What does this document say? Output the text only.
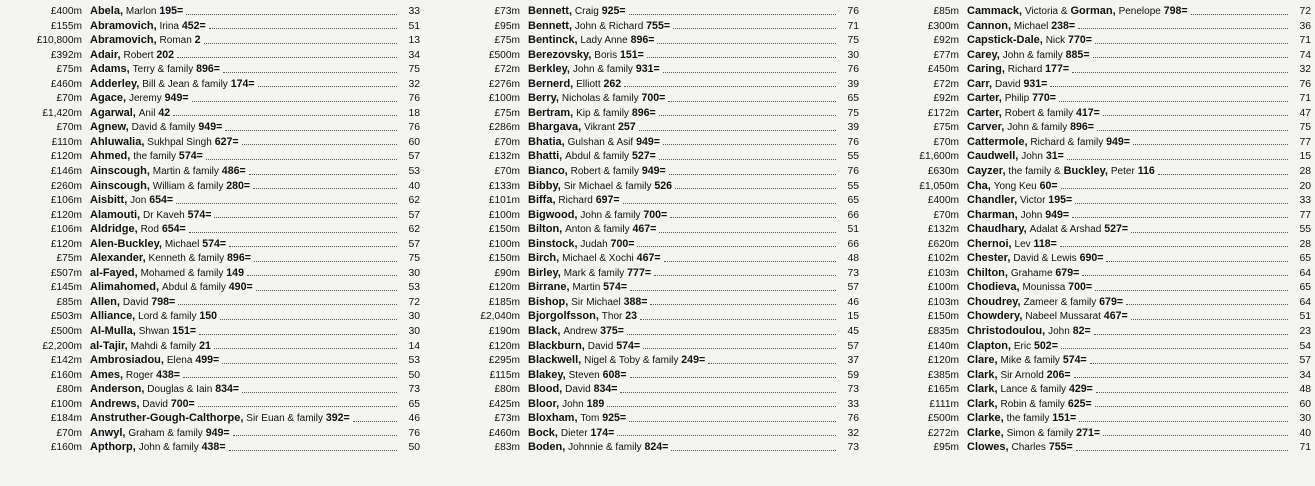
£400m Abela, Marlon 195=	33
£155m Abramovich, Irina 452=	51
£10,800m Abramovich, Roman 2	13
£392m Adair, Robert 202	34
£75m Adams, Terry & family 896=	75
£460m Adderley, Bill & Jean & family 174=	32
£70m Agace, Jeremy 949=	76
£1,420m Agarwal, Anil 42	18
£70m Agnew, David & family 949=	76
£110m Ahluwalia, Sukhpal Singh 627=	60
£120m Ahmed, the family 574=	57
£146m Ainscough, Martin & family 486=	53
£260m Ainscough, William & family 280=	40
£106m Aisbitt, Jon 654=	62
£120m Alamouti, Dr Kaveh 574=	57
£106m Aldridge, Rod 654=	62
£120m Alen-Buckley, Michael 574=	57
£75m Alexander, Kenneth & family 896=	75
£507m al-Fayed, Mohamed & family 149	30
£145m Alimahomed, Abdul & family 490=	53
£85m Allen, David 798=	72
£503m Alliance, Lord & family 150	30
£500m Al-Mulla, Shwan 151=	30
£2,200m al-Tajir, Mahdi & family 21	14
£142m Ambrosiadou, Elena 499=	53
£160m Ames, Roger 438=	50
£80m Anderson, Douglas & Iain 834=	73
£100m Andrews, David 700=	65
£184m Anstruther-Gough-Calthorpe, Sir Euan & family 392=	46
£70m Anwyl, Graham & family 949=	76
£160m Apthorp, John & family 438=	50
£73m Bennett, Craig 925=	76
£95m Bennett, John & Richard 755=	71
£75m Bentinck, Lady Anne 896=	75
£500m Berezovsky, Boris 151=	30
£72m Berkley, John & family 931=	76
£276m Bernerd, Elliott 262	39
£100m Berry, Nicholas & family 700=	65
£75m Bertram, Kip & family 896=	75
£286m Bhargava, Vikrant 257	39
£70m Bhatia, Gulshan & Asif 949=	76
£132m Bhatti, Abdul & family 527=	55
£70m Bianco, Robert & family 949=	76
£133m Bibby, Sir Michael & family 526	55
£101m Biffa, Richard 697=	65
£100m Bigwood, John & family 700=	66
£150m Bilton, Anton & family 467=	51
£100m Binstock, Judah 700=	66
£150m Birch, Michael & Xochi 467=	48
£90m Birley, Mark & family 777=	73
£120m Birrane, Martin 574=	57
£185m Bishop, Sir Michael 388=	46
£2,040m Bjorgolfsson, Thor 23	15
£190m Black, Andrew 375=	45
£120m Blackburn, David 574=	57
£295m Blackwell, Nigel & Toby & family 249=	37
£115m Blakey, Steven 608=	59
£80m Blood, David 834=	73
£425m Bloor, John 189	33
£73m Bloxham, Tom 925=	76
£460m Bock, Dieter 174=	32
£83m Boden, Johnnie & family 824=	73
£85m Cammack, Victoria & Gorman, Penelope 798=	72
£300m Cannon, Michael 238=	36
£92m Capstick-Dale, Nick 770=	71
£77m Carey, John & family 885=	74
£450m Caring, Richard 177=	32
£72m Carr, David 931=	76
£92m Carter, Philip 770=	71
£172m Carter, Robert & family 417=	47
£75m Carver, John & family 896=	75
£70m Cattermole, Richard & family 949=	77
£1,600m Caudwell, John 31=	15
£630m Cayzer, the family & Buckley, Peter 116	28
£1,050m Cha, Yong Keu 60=	20
£400m Chandler, Victor 195=	33
£70m Charman, John 949=	77
£132m Chaudhary, Adalat & Arshad 527=	55
£620m Chernoi, Lev 118=	28
£102m Chester, David & Lewis 690=	65
£103m Chilton, Grahame 679=	64
£100m Chodieva, Mounissa 700=	65
£103m Choudrey, Zameer & family 679=	64
£150m Chowdery, Nabeel Mussarat 467=	51
£835m Christodoulou, John 82=	23
£140m Clapton, Eric 502=	54
£120m Clare, Mike & family 574=	57
£385m Clark, Sir Arnold 206=	34
£165m Clark, Lance & family 429=	48
£111m Clark, Robin & family 625=	60
£500m Clarke, the family 151=	30
£272m Clarke, Simon & family 271=	40
£95m Clowes, Charles 755=	71
